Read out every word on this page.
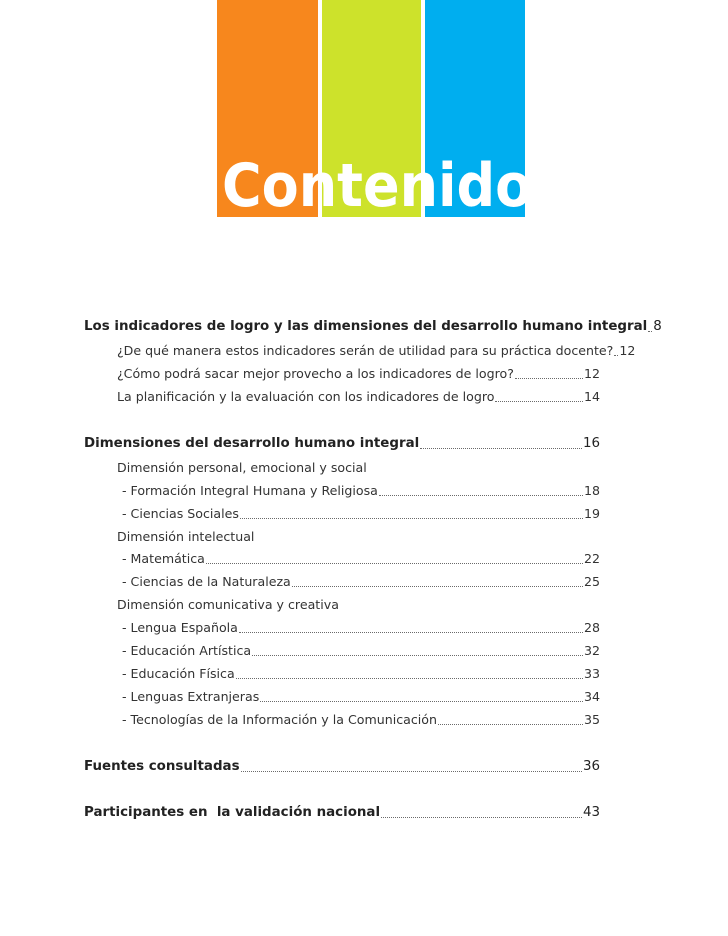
Contenido
Los indicadores de logro y las dimensiones del desarrollo humano integral 8
¿De qué manera estos indicadores serán de utilidad para su práctica docente? 12
¿Cómo podrá sacar mejor provecho a los indicadores de logro?	12
La planificación y la evaluación con los indicadores de logro	14
Dimensiones del desarrollo humano integral	16
Dimensión personal, emocional y social
- Formación Integral Humana y Religiosa	18
- Ciencias Sociales	19
Dimensión intelectual
- Matemática	22
- Ciencias de la Naturaleza	25
Dimensión comunicativa y creativa
- Lengua Española	28
- Educación Artística	32
- Educación Física	33
- Lenguas Extranjeras	34
- Tecnologías de la Información y la Comunicación	35
Fuentes consultadas	36
Participantes en  la validación nacional	43
